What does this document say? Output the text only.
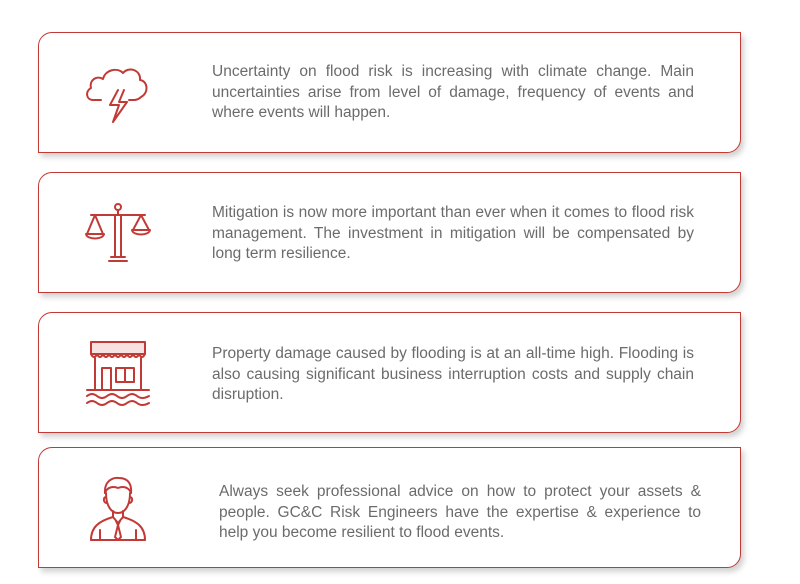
Uncertainty on flood risk is increasing with climate change. Main uncertainties arise from level of damage, frequency of events and where events will happen.
Mitigation is now more important than ever when it comes to flood risk management. The investment in mitigation will be compensated by long term resilience.
Property damage caused by flooding is at an all-time high. Flooding is also causing significant business interruption costs and supply chain disruption.
Always seek professional advice on how to protect your assets & people. GC&C Risk Engineers have the expertise & experience to help you become resilient to flood events.
